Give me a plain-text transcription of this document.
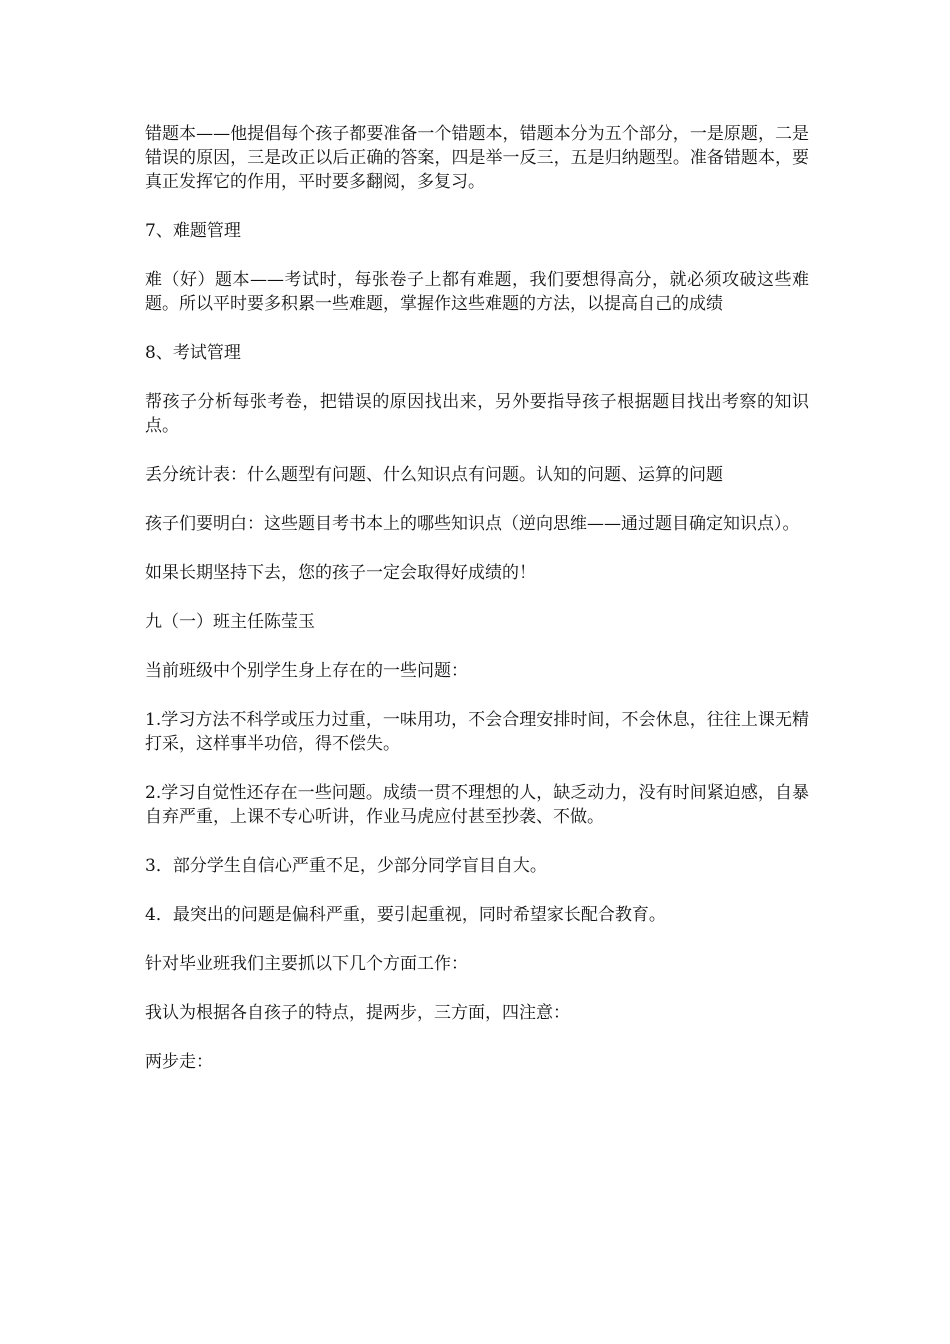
错题本——他提倡每个孩子都要准备一个错题本，错题本分为五个部分，一是原题，二是错误的原因，三是改正以后正确的答案，四是举一反三，五是归纳题型。准备错题本，要真正发挥它的作用，平时要多翻阅，多复习。

7、难题管理

难（好）题本——考试时，每张卷子上都有难题，我们要想得高分，就必须攻破这些难题。所以平时要多积累一些难题，掌握作这些难题的方法，以提高自己的成绩

8、考试管理

帮孩子分析每张考卷，把错误的原因找出来，另外要指导孩子根据题目找出考察的知识点。

丢分统计表：什么题型有问题、什么知识点有问题。认知的问题、运算的问题

孩子们要明白：这些题目考书本上的哪些知识点（逆向思维——通过题目确定知识点）。

如果长期坚持下去，您的孩子一定会取得好成绩的！

九（一）班主任陈莹玉

当前班级中个别学生身上存在的一些问题：

1.学习方法不科学或压力过重，一味用功，不会合理安排时间，不会休息，往往上课无精打采，这样事半功倍，得不偿失。

2.学习自觉性还存在一些问题。成绩一贯不理想的人，缺乏动力，没有时间紧迫感，自暴自弃严重，上课不专心听讲，作业马虎应付甚至抄袭、不做。

3．部分学生自信心严重不足，少部分同学盲目自大。

4．最突出的问题是偏科严重，要引起重视，同时希望家长配合教育。

针对毕业班我们主要抓以下几个方面工作：

我认为根据各自孩子的特点，提两步，三方面，四注意：

两步走：
